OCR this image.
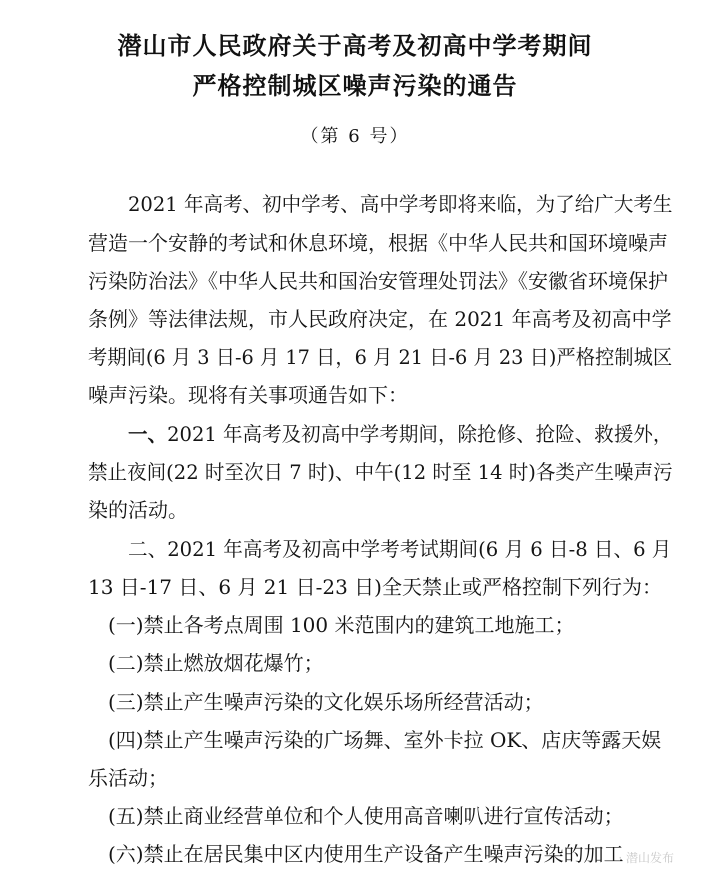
潜山市人民政府关于高考及初高中学考期间
严格控制城区噪声污染的通告
（第 6 号）
2021 年高考、初中学考、高中学考即将来临，为了给广大考生
营造一个安静的考试和休息环境，根据《中华人民共和国环境噪声
污染防治法》《中华人民共和国治安管理处罚法》《安徽省环境保护
条例》等法律法规，市人民政府决定，在 2021 年高考及初高中学
考期间(6 月 3 日-6 月 17 日，6 月 21 日-6 月 23 日)严格控制城区
噪声污染。现将有关事项通告如下：
一、2021 年高考及初高中学考期间，除抢修、抢险、救援外，
禁止夜间(22 时至次日 7 时)、中午(12 时至 14 时)各类产生噪声污
染的活动。
二、2021 年高考及初高中学考考试期间(6 月 6 日-8 日、6 月
13 日-17 日、6 月 21 日-23 日)全天禁止或严格控制下列行为：
(一)禁止各考点周围 100 米范围内的建筑工地施工；
(二)禁止燃放烟花爆竹；
(三)禁止产生噪声污染的文化娱乐场所经营活动；
(四)禁止产生噪声污染的广场舞、室外卡拉 OK、店庆等露天娱
乐活动；
(五)禁止商业经营单位和个人使用高音喇叭进行宣传活动；
(六)禁止在居民集中区内使用生产设备产生噪声污染的加工
· 潜山发布
